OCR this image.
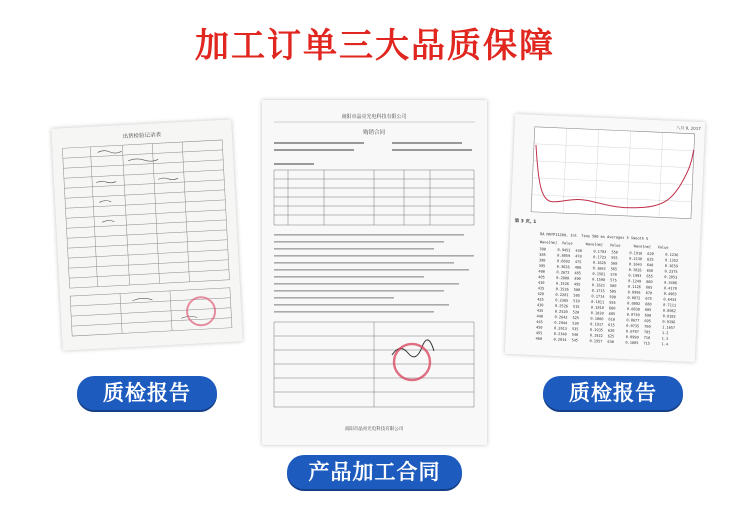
加工订单三大品质保障
出货检验记录表
南阳市晶亮光电科技有限公司
购销合同
南阳市晶亮光电科技有限公司
八月 9, 2017
第 3 页, 1
DA MATP11200, Int. Time 500 ms Averages 5 Smooth 5
Wave[nm] Value	Wave[nm] Value	Wave[nm] Value
380	0.9452 430	0.1783 550	0.1916 620	0.1236
385	0.8859 470	0.1723 555	0.2130 625	0.1352
390	0.6692 475	0.1628 560	0.1643 640	0.1659
395	0.3626 480	0.1663 565	0.1826 650	0.2375
400	0.2672 485	0.1561 570	0.1993 655	0.2853
405	0.2008 490	0.1598 575	0.1249 660	0.3406
410	0.1526 495	0.1621 580	0.1126 665	0.4178
415	0.1526 500	0.1715 585	0.0995 670	0.4903
420	0.2201 505	0.1714 590	0.0872 675	0.6433
425	0.2365 510	0.1811 595	0.0892 680	0.7111
430	0.2526 515	0.1810 600	0.0838 685	0.8062
435	0.2520 520	0.1820 605	0.0730 690	0.8182
440	0.2642 525	0.1860 610	0.0677 695	0.9196
445	0.2944 530	0.1917 615	0.0735 700	1.1657
450	0.2613 535	0.1935 620	0.0787 705	1.2
455	0.2348 540	0.1922 625	0.0990 710	1.3
460	0.2014 545	0.1957 630	0.1085 715	1.4
质检报告
产品加工合同
质检报告
